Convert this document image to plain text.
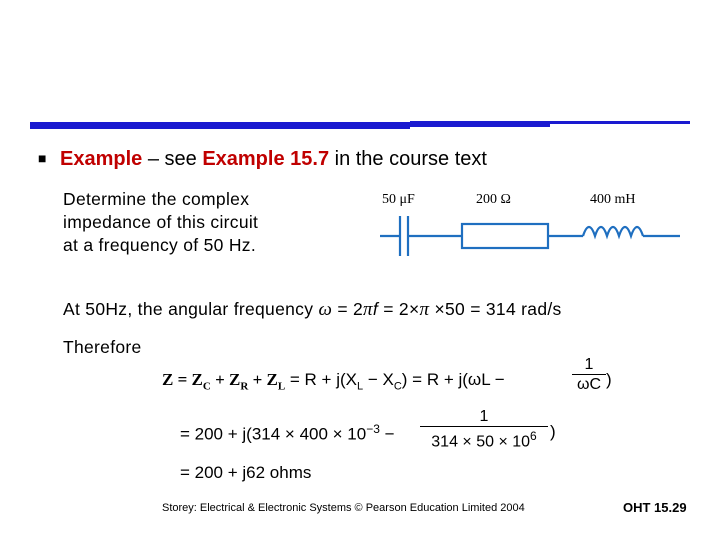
■ Example – see Example 15.7 in the course text
Determine the complex
impedance of this circuit
at a frequency of 50 Hz.
50 μF	200 Ω	400 mH
At 50Hz, the angular frequency ω = 2πf = 2×π ×50 = 314 rad/s
Therefore
$Z = Z_C + Z_R + Z_L = R + j(X_L - X_C) = R + j(\omega L$ −	$\frac{1}{\omega C}$ )
= $200 + j(314 \times 400 \times 10^{-3} - \frac{1}{314 \times 50 \times 10^6}$ )
= 200 + j62 ohms
Storey: Electrical & Electronic Systems © Pearson Education Limited 2004	OHT 15.29
